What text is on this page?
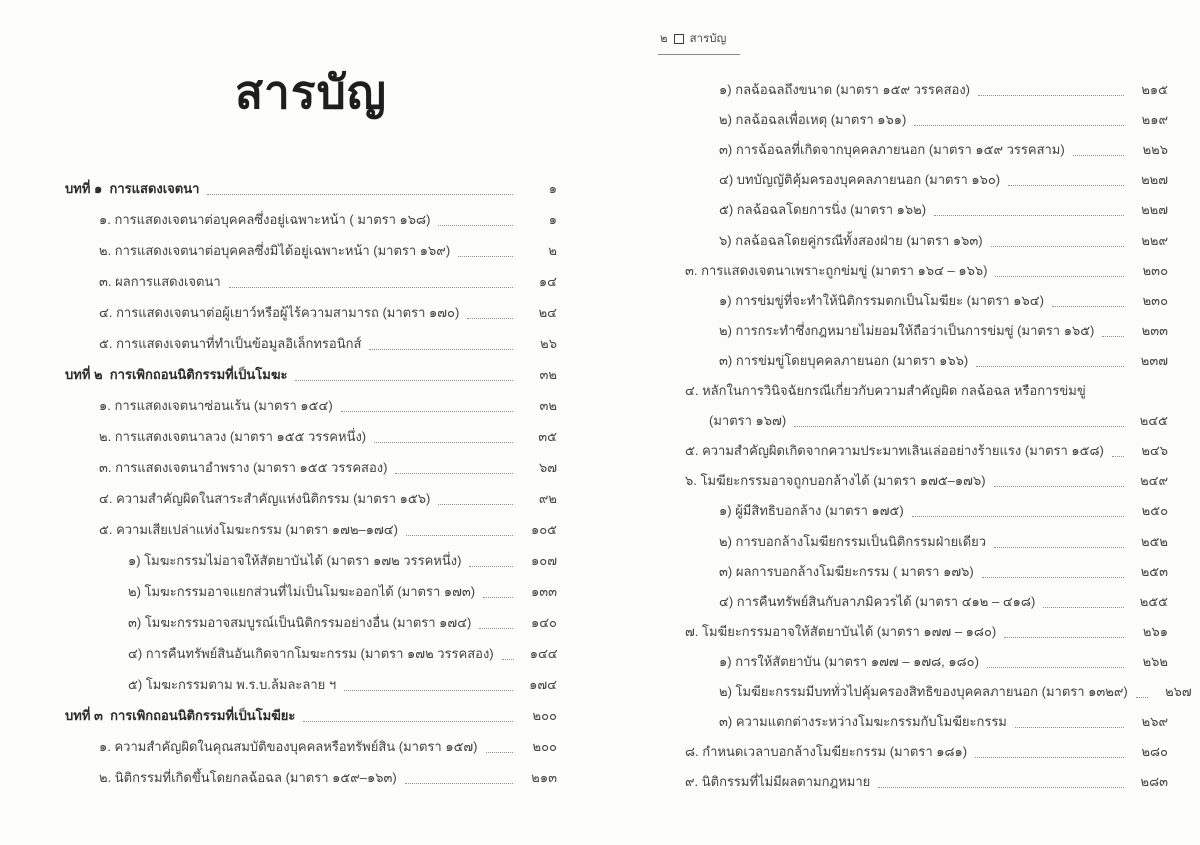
สารบัญ
บทที่ ๑  การแสดงเจตนา	๑
๑. การแสดงเจตนาต่อบุคคลซึ่งอยู่เฉพาะหน้า ( มาตรา ๑๖๘)	๑
๒. การแสดงเจตนาต่อบุคคลซึ่งมิได้อยู่เฉพาะหน้า (มาตรา ๑๖๙)	๒
๓. ผลการแสดงเจตนา	๑๔
๔. การแสดงเจตนาต่อผู้เยาว์หรือผู้ไร้ความสามารถ (มาตรา ๑๗๐)	๒๔
๕. การแสดงเจตนาที่ทำเป็นข้อมูลอิเล็กทรอนิกส์	๒๖
บทที่ ๒  การเพิกถอนนิติกรรมที่เป็นโมฆะ	๓๒
๑. การแสดงเจตนาซ่อนเร้น (มาตรา ๑๕๔)	๓๒
๒. การแสดงเจตนาลวง (มาตรา ๑๕๕ วรรคหนึ่ง)	๓๕
๓. การแสดงเจตนาอำพราง (มาตรา ๑๕๕ วรรคสอง)	๖๗
๔. ความสำคัญผิดในสาระสำคัญแห่งนิติกรรม (มาตรา ๑๕๖)	๙๒
๕. ความเสียเปล่าแห่งโมฆะกรรม (มาตรา ๑๗๒–๑๗๔)	๑๐๕
๑) โมฆะกรรมไม่อาจให้สัตยาบันได้ (มาตรา ๑๗๒ วรรคหนึ่ง)	๑๐๗
๒) โมฆะกรรมอาจแยกส่วนที่ไม่เป็นโมฆะออกได้ (มาตรา ๑๗๓)	๑๓๓
๓) โมฆะกรรมอาจสมบูรณ์เป็นนิติกรรมอย่างอื่น (มาตรา ๑๗๔)	๑๔๐
๔) การคืนทรัพย์สินอันเกิดจากโมฆะกรรม (มาตรา ๑๗๒ วรรคสอง)	๑๔๔
๕) โมฆะกรรมตาม พ.ร.บ.ล้มละลาย ฯ	๑๗๔
บทที่ ๓  การเพิกถอนนิติกรรมที่เป็นโมฆียะ	๒๐๐
๑. ความสำคัญผิดในคุณสมบัติของบุคคลหรือทรัพย์สิน (มาตรา ๑๕๗)	๒๐๐
๒. นิติกรรมที่เกิดขึ้นโดยกลฉ้อฉล (มาตรา ๑๕๙–๑๖๓)	๒๑๓
๒ สารบัญ
๑) กลฉ้อฉลถึงขนาด (มาตรา ๑๕๙ วรรคสอง)	๒๑๕
๒) กลฉ้อฉลเพื่อเหตุ (มาตรา ๑๖๑)	๒๑๙
๓) การฉ้อฉลที่เกิดจากบุคคลภายนอก (มาตรา ๑๕๙ วรรคสาม)	๒๒๖
๔) บทบัญญัติคุ้มครองบุคคลภายนอก (มาตรา ๑๖๐)	๒๒๗
๕) กลฉ้อฉลโดยการนิ่ง (มาตรา ๑๖๒)	๒๒๗
๖) กลฉ้อฉลโดยคู่กรณีทั้งสองฝ่าย (มาตรา ๑๖๓)	๒๒๙
๓. การแสดงเจตนาเพราะถูกข่มขู่ (มาตรา ๑๖๔ – ๑๖๖)	๒๓๐
๑) การข่มขู่ที่จะทำให้นิติกรรมตกเป็นโมฆียะ (มาตรา ๑๖๔)	๒๓๐
๒) การกระทำซึ่งกฎหมายไม่ยอมให้ถือว่าเป็นการข่มขู่ (มาตรา ๑๖๕)	๒๓๓
๓) การข่มขู่โดยบุคคลภายนอก (มาตรา ๑๖๖)	๒๓๗
๔. หลักในการวินิจฉัยกรณีเกี่ยวกับความสำคัญผิด กลฉ้อฉล หรือการข่มขู่
(มาตรา ๑๖๗)	๒๔๕
๕. ความสำคัญผิดเกิดจากความประมาทเลินเล่ออย่างร้ายแรง (มาตรา ๑๕๘)	๒๔๖
๖. โมฆียะกรรมอาจถูกบอกล้างได้ (มาตรา ๑๗๕–๑๗๖)	๒๔๙
๑) ผู้มีสิทธิบอกล้าง (มาตรา ๑๗๕)	๒๕๐
๒) การบอกล้างโมฆียกรรมเป็นนิติกรรมฝ่ายเดียว	๒๕๒
๓) ผลการบอกล้างโมฆียะกรรม ( มาตรา ๑๗๖)	๒๕๓
๔) การคืนทรัพย์สินกับลาภมิควรได้ (มาตรา ๔๑๒ – ๔๑๘)	๒๕๕
๗. โมฆียะกรรมอาจให้สัตยาบันได้ (มาตรา ๑๗๗ – ๑๘๐)	๒๖๑
๑) การให้สัตยาบัน (มาตรา ๑๗๗ – ๑๗๘, ๑๘๐)	๒๖๒
๒) โมฆียะกรรมมีบททั่วไปคุ้มครองสิทธิของบุคคลภายนอก (มาตรา ๑๓๒๙)	๒๖๗
๓) ความแตกต่างระหว่างโมฆะกรรมกับโมฆียะกรรม	๒๖๙
๘. กำหนดเวลาบอกล้างโมฆียะกรรม (มาตรา ๑๘๑)	๒๘๐
๙. นิติกรรมที่ไม่มีผลตามกฎหมาย	๒๘๓
